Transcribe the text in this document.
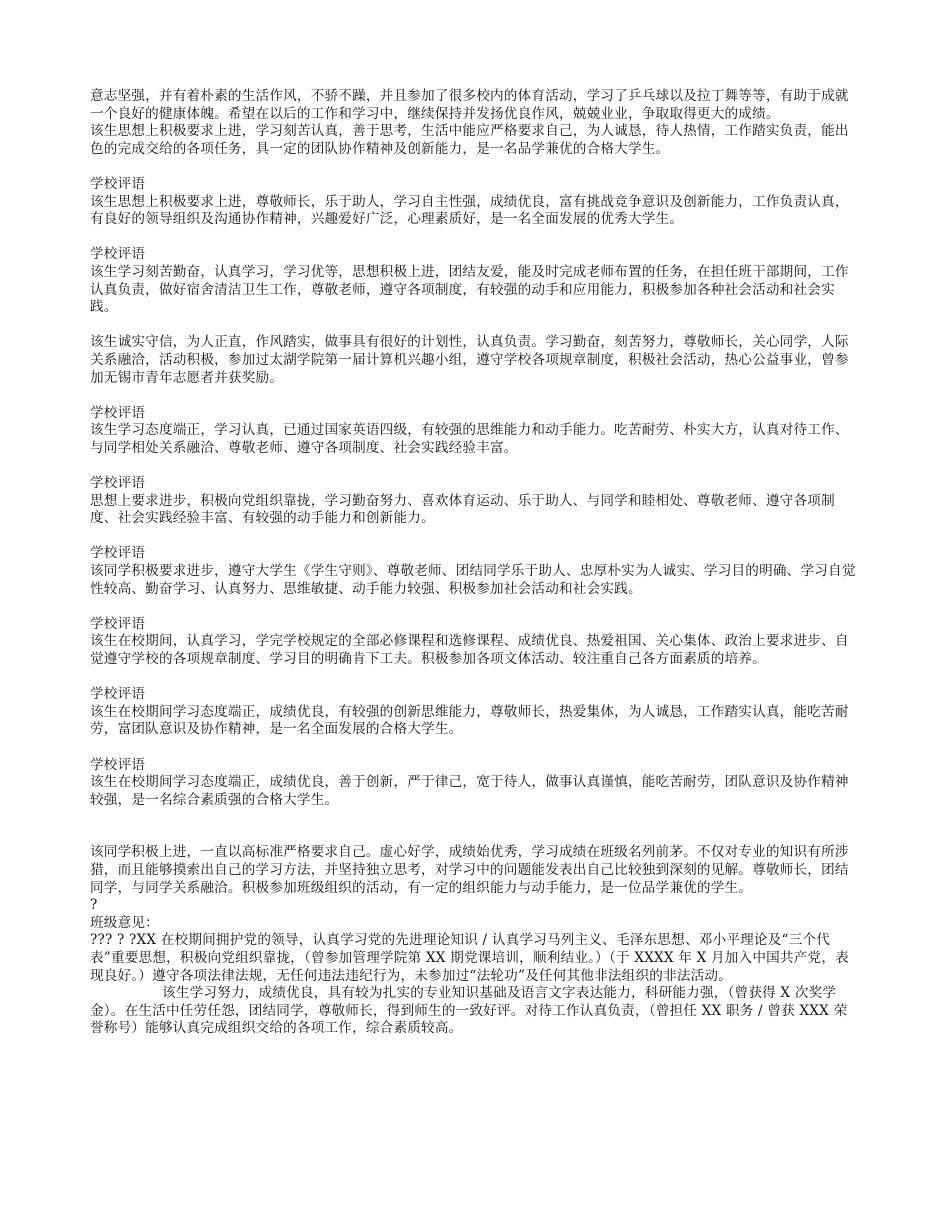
意志坚强，并有着朴素的生活作风，不骄不躁，并且参加了很多校内的体育活动，学习了乒乓球以及拉丁舞等等，有助于成就一个良好的健康体魄。希望在以后的工作和学习中，继续保持并发扬优良作风，兢兢业业，争取取得更大的成绩。

该生思想上积极要求上进，学习刻苦认真，善于思考，生活中能应严格要求自己，为人诚恳，待人热情，工作踏实负责，能出色的完成交给的各项任务，具一定的团队协作精神及创新能力，是一名品学兼优的合格大学生。

学校评语

该生思想上积极要求上进，尊敬师长，乐于助人，学习自主性强，成绩优良，富有挑战竞争意识及创新能力，工作负责认真，有良好的领导组织及沟通协作精神，兴趣爱好广泛，心理素质好，是一名全面发展的优秀大学生。

学校评语

该生学习刻苦勤奋，认真学习，学习优等，思想积极上进，团结友爱，能及时完成老师布置的任务，在担任班干部期间，工作认真负责，做好宿舍清洁卫生工作，尊敬老师，遵守各项制度，有较强的动手和应用能力，积极参加各种社会活动和社会实践。

该生诚实守信，为人正直，作风踏实，做事具有很好的计划性，认真负责。学习勤奋，刻苦努力，尊敬师长，关心同学，人际关系融洽，活动积极，参加过太湖学院第一届计算机兴趣小组，遵守学校各项规章制度，积极社会活动，热心公益事业，曾参加无锡市青年志愿者并获奖励。

学校评语

该生学习态度端正，学习认真，已通过国家英语四级，有较强的思维能力和动手能力。吃苦耐劳、朴实大方，认真对待工作、与同学相处关系融洽、尊敬老师、遵守各项制度、社会实践经验丰富。

学校评语

思想上要求进步，积极向党组织靠拢，学习勤奋努力、喜欢体育运动、乐于助人、与同学和睦相处、尊敬老师、遵守各项制度、社会实践经验丰富、有较强的动手能力和创新能力。

学校评语

该同学积极要求进步，遵守大学生《学生守则》、尊敬老师、团结同学乐于助人、忠厚朴实为人诚实、学习目的明确、学习自觉性较高、勤奋学习、认真努力、思维敏捷、动手能力较强、积极参加社会活动和社会实践。

学校评语

该生在校期间，认真学习，学完学校规定的全部必修课程和选修课程、成绩优良、热爱祖国、关心集体、政治上要求进步、自觉遵守学校的各项规章制度、学习目的明确肯下工夫。积极参加各项文体活动、较注重自己各方面素质的培养。

学校评语

该生在校期间学习态度端正，成绩优良，有较强的创新思维能力，尊敬师长，热爱集体，为人诚恳，工作踏实认真，能吃苦耐劳，富团队意识及协作精神，是一名全面发展的合格大学生。

学校评语

该生在校期间学习态度端正，成绩优良，善于创新，严于律己，宽于待人，做事认真谨慎，能吃苦耐劳，团队意识及协作精神较强，是一名综合素质强的合格大学生。

该同学积极上进，一直以高标准严格要求自己。虚心好学，成绩始优秀，学习成绩在班级名列前茅。不仅对专业的知识有所涉猎，而且能够摸索出自己的学习方法，并坚持独立思考，对学习中的问题能发表出自己比较独到深刻的见解。尊敬师长，团结同学，与同学关系融洽。积极参加班级组织的活动，有一定的组织能力与动手能力，是一位品学兼优的学生。

?

班级意见：

??? ? ?XX 在校期间拥护党的领导，认真学习党的先进理论知识 / 认真学习马列主义、毛泽东思想、邓小平理论及“三个代表”重要思想，积极向党组织靠拢，（曾参加管理学院第 XX 期党课培训，顺利结业。）（于 XXXX 年 X 月加入中国共产党，表现良好。）遵守各项法律法规，无任何违法违纪行为，未参加过“法轮功”及任何其他非法组织的非法活动。

该生学习努力，成绩优良，具有较为扎实的专业知识基础及语言文字表达能力，科研能力强，（曾获得 X 次奖学金）。在生活中任劳任怨，团结同学，尊敬师长，得到师生的一致好评。对待工作认真负责，（曾担任 XX 职务 / 曾获 XXX 荣誉称号）能够认真完成组织交给的各项工作，综合素质较高。
